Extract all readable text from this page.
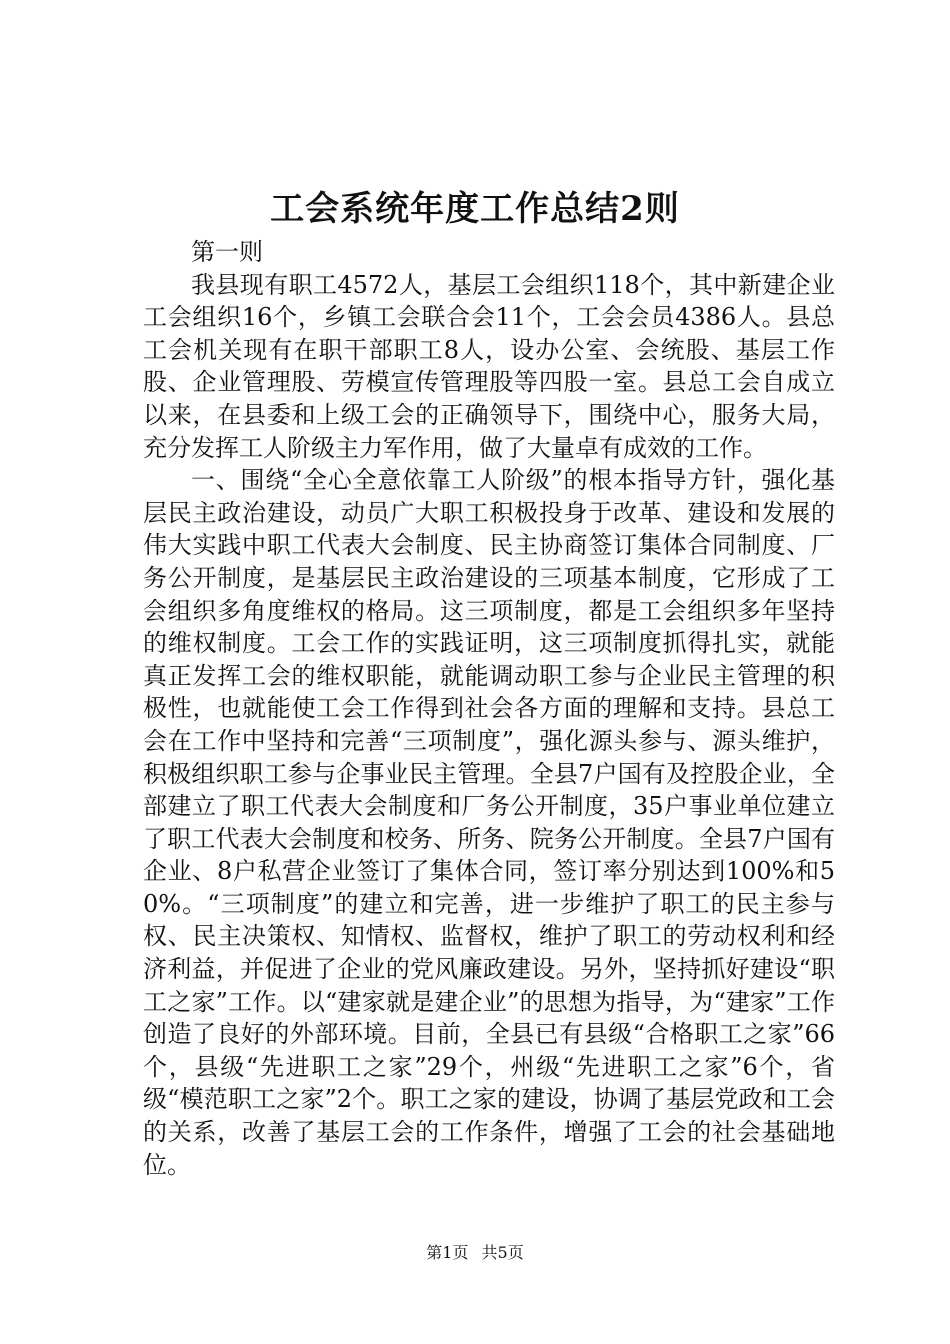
工会系统年度工作总结2则

第一则

我县现有职工4572人，基层工会组织118个，其中新建企业工会组织16个，乡镇工会联合会11个，工会会员4386人。县总工会机关现有在职干部职工8人，设办公室、会统股、基层工作股、企业管理股、劳模宣传管理股等四股一室。县总工会自成立以来，在县委和上级工会的正确领导下，围绕中心，服务大局，充分发挥工人阶级主力军作用，做了大量卓有成效的工作。

一、围绕“全心全意依靠工人阶级”的根本指导方针，强化基层民主政治建设，动员广大职工积极投身于改革、建设和发展的伟大实践中职工代表大会制度、民主协商签订集体合同制度、厂务公开制度，是基层民主政治建设的三项基本制度，它形成了工会组织多角度维权的格局。这三项制度，都是工会组织多年坚持的维权制度。工会工作的实践证明，这三项制度抓得扎实，就能真正发挥工会的维权职能，就能调动职工参与企业民主管理的积极性，也就能使工会工作得到社会各方面的理解和支持。县总工会在工作中坚持和完善“三项制度”，强化源头参与、源头维护，积极组织职工参与企事业民主管理。全县7户国有及控股企业，全部建立了职工代表大会制度和厂务公开制度，35户事业单位建立了职工代表大会制度和校务、所务、院务公开制度。全县7户国有企业、8户私营企业签订了集体合同，签订率分别达到100%和50%。“三项制度”的建立和完善，进一步维护了职工的民主参与权、民主决策权、知情权、监督权，维护了职工的劳动权利和经济利益，并促进了企业的党风廉政建设。另外，坚持抓好建设“职工之家”工作。以“建家就是建企业”的思想为指导，为“建家”工作创造了良好的外部环境。目前，全县已有县级“合格职工之家”66个，县级“先进职工之家”29个，州级“先进职工之家”6个，省级“模范职工之家”2个。职工之家的建设，协调了基层党政和工会的关系，改善了基层工会的工作条件，增强了工会的社会基础地位。

第1页 共5页
